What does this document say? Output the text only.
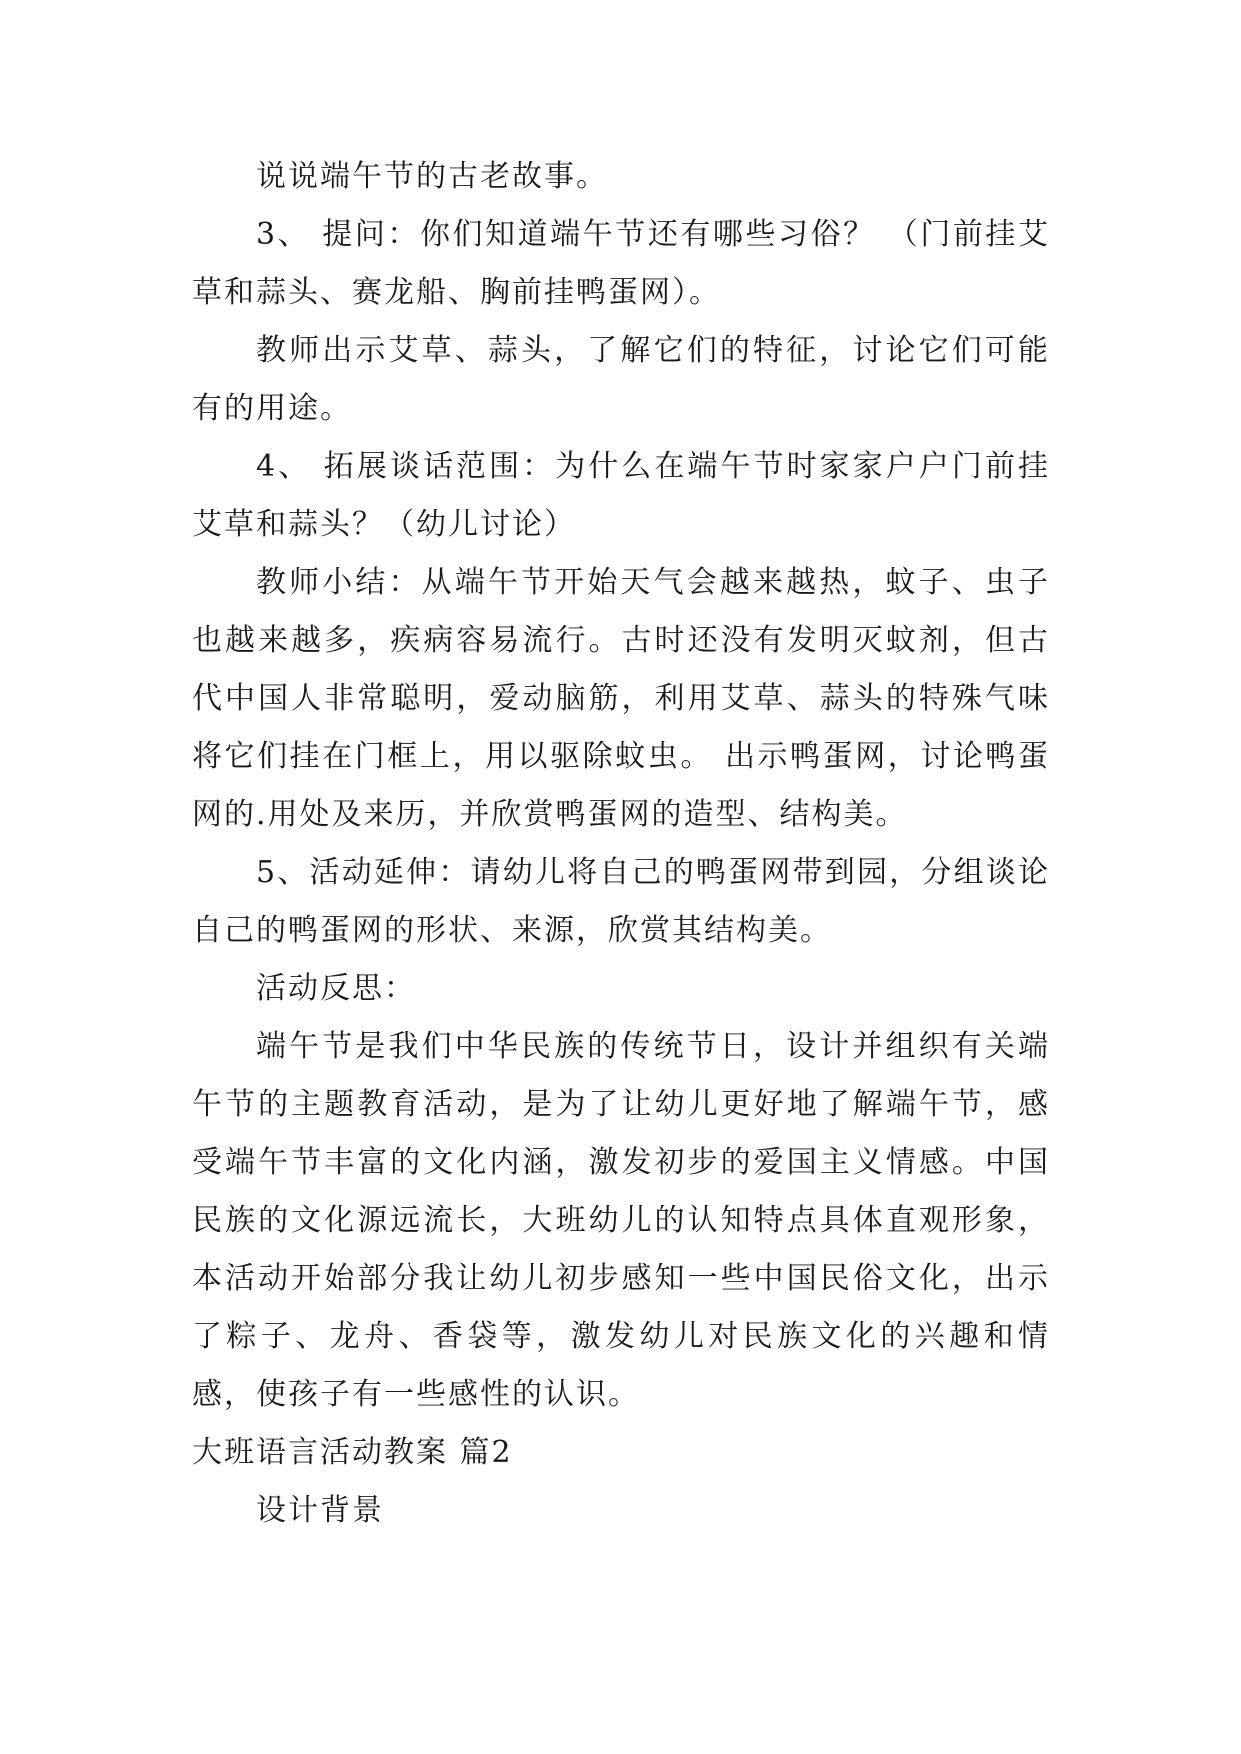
说说端午节的古老故事。

3、 提问：你们知道端午节还有哪些习俗？ （门前挂艾草和蒜头、赛龙船、胸前挂鸭蛋网）。

教师出示艾草、蒜头，了解它们的特征，讨论它们可能有的用途。

4、 拓展谈话范围：为什么在端午节时家家户户门前挂艾草和蒜头？（幼儿讨论）

教师小结：从端午节开始天气会越来越热，蚊子、虫子也越来越多，疾病容易流行。古时还没有发明灭蚊剂，但古代中国人非常聪明，爱动脑筋，利用艾草、蒜头的特殊气味将它们挂在门框上，用以驱除蚊虫。 出示鸭蛋网，讨论鸭蛋网的.用处及来历，并欣赏鸭蛋网的造型、结构美。

5、活动延伸：请幼儿将自己的鸭蛋网带到园，分组谈论自己的鸭蛋网的形状、来源，欣赏其结构美。

活动反思：

端午节是我们中华民族的传统节日，设计并组织有关端午节的主题教育活动，是为了让幼儿更好地了解端午节，感受端午节丰富的文化内涵，激发初步的爱国主义情感。中国民族的文化源远流长，大班幼儿的认知特点具体直观形象，本活动开始部分我让幼儿初步感知一些中国民俗文化，出示了粽子、龙舟、香袋等，激发幼儿对民族文化的兴趣和情感，使孩子有一些感性的认识。

大班语言活动教案 篇2

设计背景
